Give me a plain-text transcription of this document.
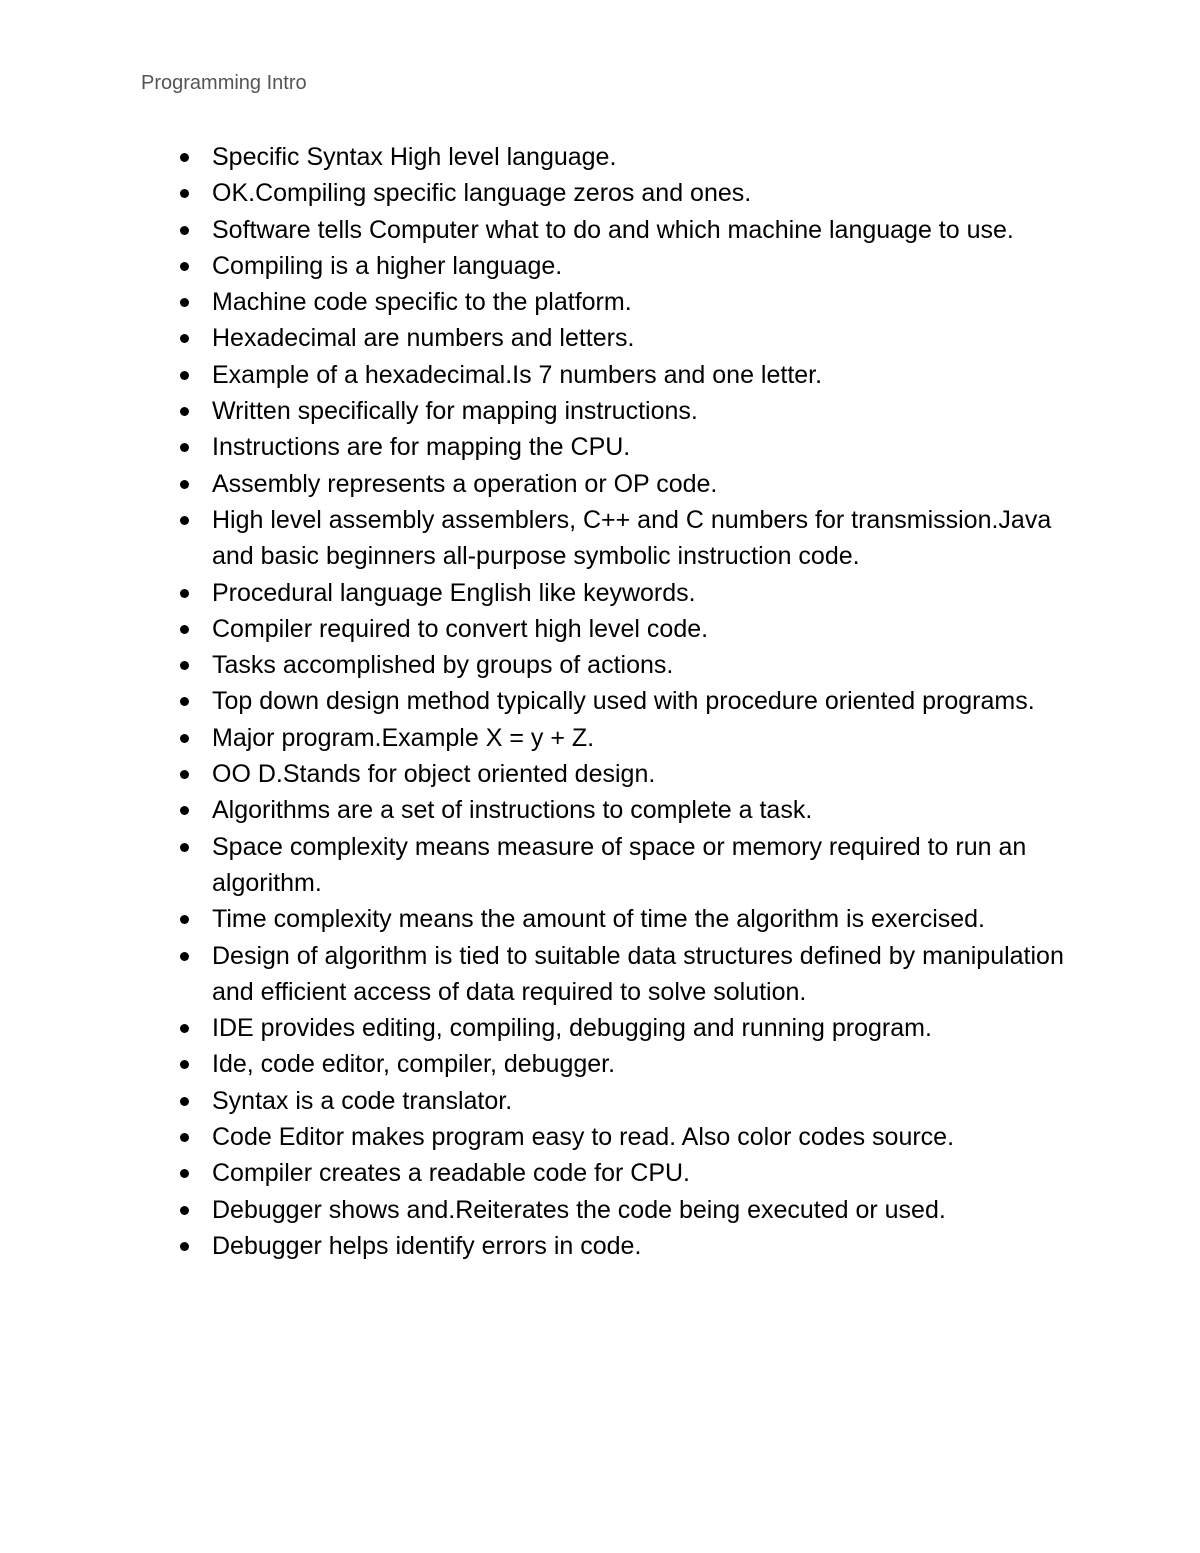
Programming Intro
Specific Syntax High level language.
OK.Compiling specific language zeros and ones.
Software tells Computer what to do and which machine language to use.
Compiling is a higher language.
Machine code specific to the platform.
Hexadecimal are numbers and letters.
Example of a hexadecimal.Is 7 numbers and one letter.
Written specifically for mapping instructions.
Instructions are for mapping the CPU.
Assembly represents a operation or OP code.
High level assembly assemblers, C++ and C numbers for transmission.Java and basic beginners all-purpose symbolic instruction code.
Procedural language English like keywords.
Compiler required to convert high level code.
Tasks accomplished by groups of actions.
Top down design method typically used with procedure oriented programs.
Major program.Example X = y + Z.
OO D.Stands for object oriented design.
Algorithms are a set of instructions to complete a task.
Space complexity means measure of space or memory required to run an algorithm.
Time complexity means the amount of time the algorithm is exercised.
Design of algorithm is tied to suitable data structures defined by manipulation and efficient access of data required to solve solution.
IDE provides editing, compiling, debugging and running program.
Ide, code editor, compiler, debugger.
Syntax is a code translator.
Code Editor makes program easy to read. Also color codes source.
Compiler creates a readable code for CPU.
Debugger shows and.Reiterates the code being executed or used.
Debugger helps identify errors in code.
